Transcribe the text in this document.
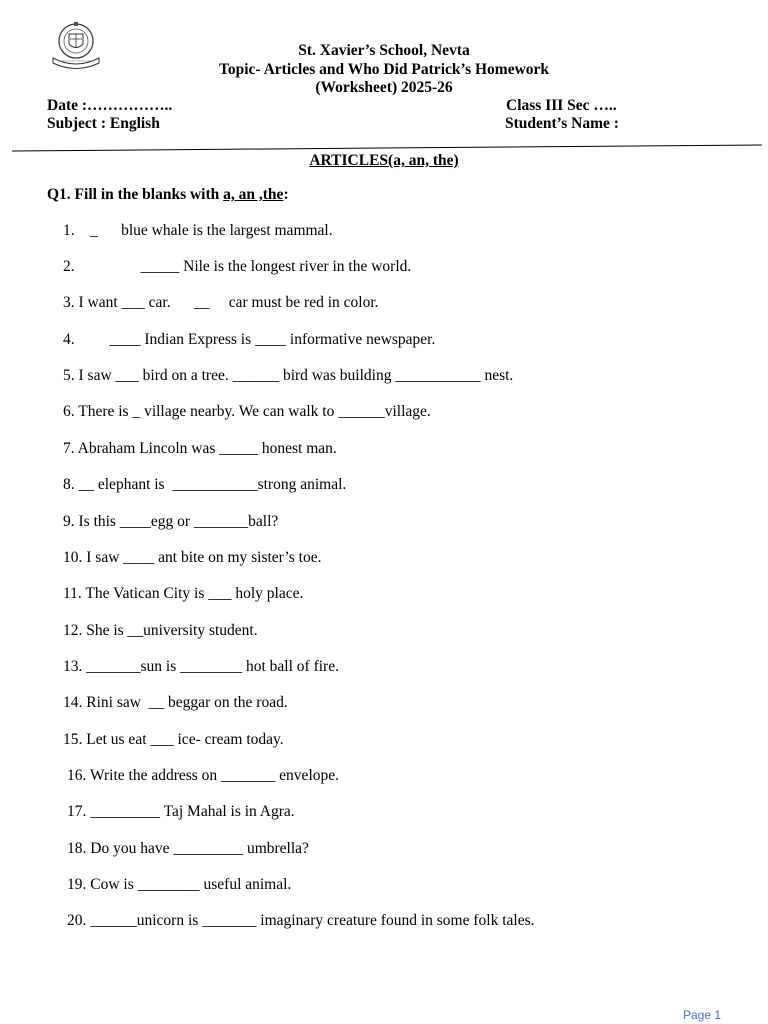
St. Xavier’s School, Nevta
Topic- Articles and Who Did Patrick’s Homework
(Worksheet) 2025-26
Date :……………..	Class III Sec …..
Subject : English	Student’s Name :
ARTICLES(a, an, the)
Q1. Fill in the blanks with a, an ,the:
1.    _      blue whale is the largest mammal.
2.                 _____ Nile is the longest river in the world.
3. I want ___ car.      __     car must be red in color.
4.         ____ Indian Express is ____ informative newspaper.
5. I saw ___ bird on a tree. ______ bird was building ___________ nest.
6. There is _ village nearby. We can walk to ______village.
7. Abraham Lincoln was _____ honest man.
8. __ elephant is  ___________strong animal.
9. Is this ____egg or _______ball?
10. I saw ____ ant bite on my sister’s toe.
11. The Vatican City is ___ holy place.
12. She is __university student.
13. _______sun is ________ hot ball of fire.
14. Rini saw  __ beggar on the road.
15. Let us eat ___ ice- cream today.
16. Write the address on _______ envelope.
17. _________ Taj Mahal is in Agra.
18. Do you have _________ umbrella?
19. Cow is ________ useful animal.
20. ______unicorn is _______ imaginary creature found in some folk tales.
Page 1
